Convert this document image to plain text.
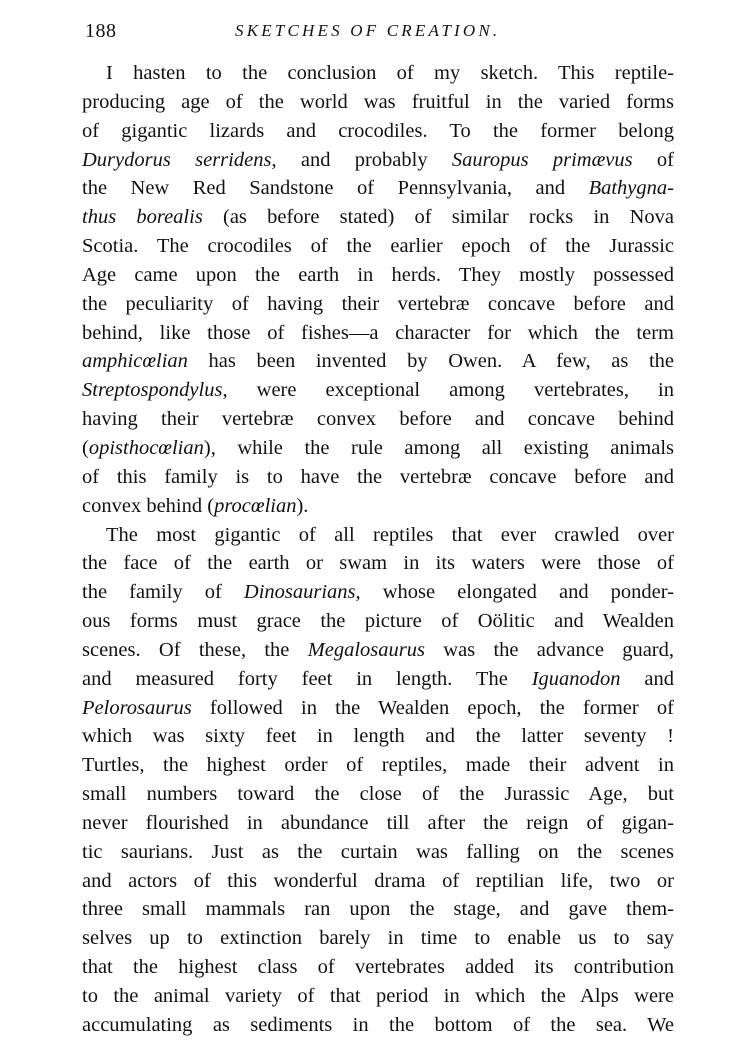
188	SKETCHES OF CREATION.
I hasten to the conclusion of my sketch. This reptile-
producing age of the world was fruitful in the varied forms
of gigantic lizards and crocodiles. To the former belong
Durydorus serridens, and probably Sauropus primævus of
the New Red Sandstone of Pennsylvania, and Bathygna-
thus borealis (as before stated) of similar rocks in Nova
Scotia. The crocodiles of the earlier epoch of the Jurassic
Age came upon the earth in herds. They mostly possessed
the peculiarity of having their vertebræ concave before and
behind, like those of fishes—a character for which the term
amphicœlian has been invented by Owen. A few, as the
Streptospondylus, were exceptional among vertebrates, in
having their vertebræ convex before and concave behind
(opisthocœlian), while the rule among all existing animals
of this family is to have the vertebræ concave before and
convex behind (procœlian).
The most gigantic of all reptiles that ever crawled over
the face of the earth or swam in its waters were those of
the family of Dinosaurians, whose elongated and ponder-
ous forms must grace the picture of Oölitic and Wealden
scenes. Of these, the Megalosaurus was the advance guard,
and measured forty feet in length. The Iguanodon and
Pelorosaurus followed in the Wealden epoch, the former of
which was sixty feet in length and the latter seventy !
Turtles, the highest order of reptiles, made their advent in
small numbers toward the close of the Jurassic Age, but
never flourished in abundance till after the reign of gigan-
tic saurians. Just as the curtain was falling on the scenes
and actors of this wonderful drama of reptilian life, two or
three small mammals ran upon the stage, and gave them-
selves up to extinction barely in time to enable us to say
that the highest class of vertebrates added its contribution
to the animal variety of that period in which the Alps were
accumulating as sediments in the bottom of the sea. We
